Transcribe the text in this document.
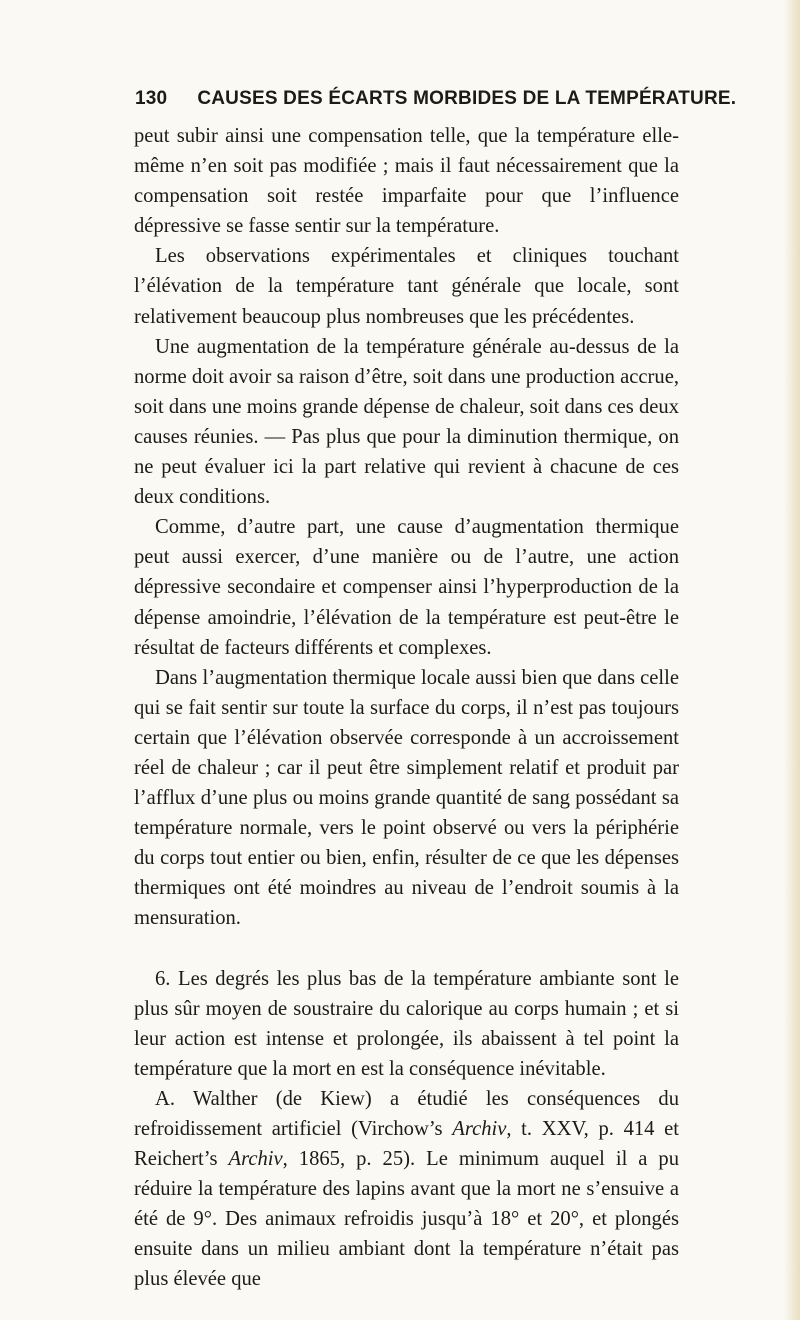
130 CAUSES DES ÉCARTS MORBIDES DE LA TEMPÉRATURE.

peut subir ainsi une compensation telle, que la température elle-même n’en soit pas modifiée ; mais il faut nécessairement que la compensation soit restée imparfaite pour que l’influence dépressive se fasse sentir sur la température.

Les observations expérimentales et cliniques touchant l’élévation de la température tant générale que locale, sont relativement beaucoup plus nombreuses que les précédentes.

Une augmentation de la température générale au-dessus de la norme doit avoir sa raison d’être, soit dans une production accrue, soit dans une moins grande dépense de chaleur, soit dans ces deux causes réunies. — Pas plus que pour la diminution thermique, on ne peut évaluer ici la part relative qui revient à chacune de ces deux conditions.

Comme, d’autre part, une cause d’augmentation thermique peut aussi exercer, d’une manière ou de l’autre, une action dépressive secondaire et compenser ainsi l’hyperproduction de la dépense amoindrie, l’élévation de la température est peut-être le résultat de facteurs différents et complexes.

Dans l’augmentation thermique locale aussi bien que dans celle qui se fait sentir sur toute la surface du corps, il n’est pas toujours certain que l’élévation observée corresponde à un accroissement réel de chaleur ; car il peut être simplement relatif et produit par l’afflux d’une plus ou moins grande quantité de sang possédant sa température normale, vers le point observé ou vers la périphérie du corps tout entier ou bien, enfin, résulter de ce que les dépenses thermiques ont été moindres au niveau de l’endroit soumis à la mensuration.

6. Les degrés les plus bas de la température ambiante sont le plus sûr moyen de soustraire du calorique au corps humain ; et si leur action est intense et prolongée, ils abaissent à tel point la température que la mort en est la conséquence inévitable.

A. Walther (de Kiew) a étudié les conséquences du refroidissement artificiel (Virchow’s Archiv, t. XXV, p. 414 et Reichert’s Archiv, 1865, p. 25). Le minimum auquel il a pu réduire la température des lapins avant que la mort ne s’ensuive a été de 9°. Des animaux refroidis jusqu’à 18° et 20°, et plongés ensuite dans un milieu ambiant dont la température n’était pas plus élevée que
